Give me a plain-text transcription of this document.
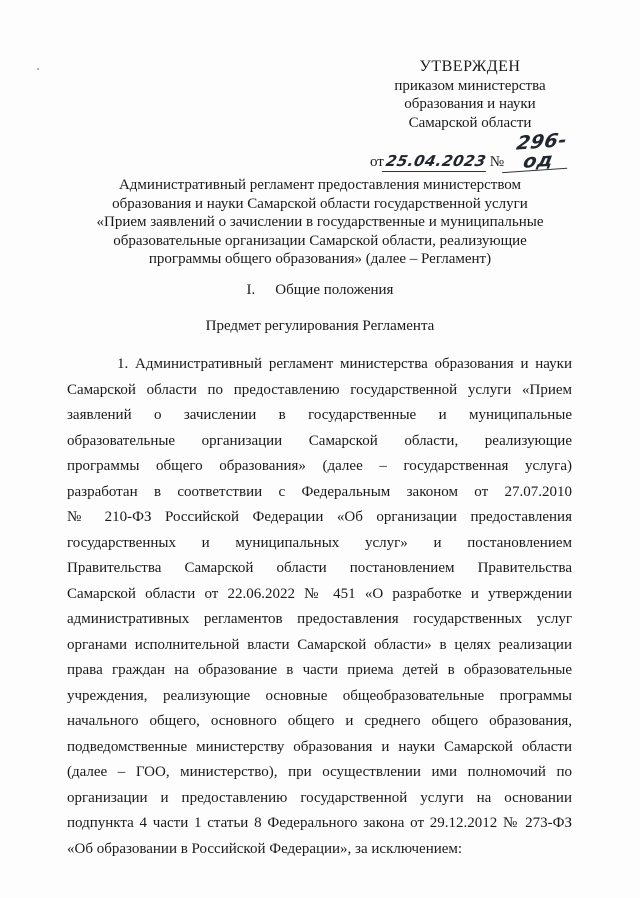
УТВЕРЖДЕН
приказом министерства
образования и науки
Самарской области
от 25.04.2023 №
296-од
Административный регламент предоставления министерством
образования и науки Самарской области государственной услуги
«Прием заявлений о зачислении в государственные и муниципальные
образовательные организации Самарской области, реализующие
программы общего образования» (далее – Регламент)
I. Общие положения
Предмет регулирования Регламента
1. Административный регламент министерства образования и науки
Самарской области по предоставлению государственной услуги «Прием
заявлений о зачислении в государственные и муниципальные
образовательные организации Самарской области, реализующие
программы общего образования» (далее – государственная услуга)
разработан в соответствии с Федеральным законом от 27.07.2010
№ 210-ФЗ Российской Федерации «Об организации предоставления
государственных и муниципальных услуг» и постановлением
Правительства Самарской области постановлением Правительства
Самарской области от 22.06.2022 № 451 «О разработке и утверждении
административных регламентов предоставления государственных услуг
органами исполнительной власти Самарской области» в целях реализации
права граждан на образование в части приема детей в образовательные
учреждения, реализующие основные общеобразовательные программы
начального общего, основного общего и среднего общего образования,
подведомственные министерству образования и науки Самарской области
(далее – ГОО, министерство), при осуществлении ими полномочий по
организации и предоставлению государственной услуги на основании
подпункта 4 части 1 статьи 8 Федерального закона от 29.12.2012 № 273-ФЗ
«Об образовании в Российской Федерации», за исключением:
